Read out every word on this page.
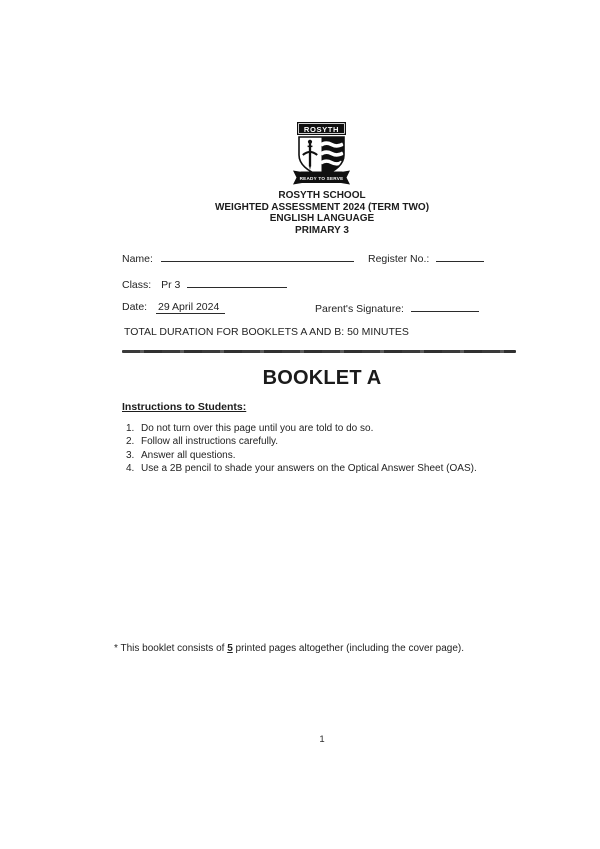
ROSYTH
READY TO SERVE
ROSYTH SCHOOL
WEIGHTED ASSESSMENT 2024 (TERM TWO)
ENGLISH LANGUAGE
PRIMARY 3
Name:	Register No.:
Class: Pr 3
Date: 29 April 2024	Parent's Signature:
TOTAL DURATION FOR BOOKLETS A AND B: 50 MINUTES
BOOKLET A
Instructions to Students:
1. Do not turn over this page until you are told to do so.
2. Follow all instructions carefully.
3. Answer all questions.
4. Use a 2B pencil to shade your answers on the Optical Answer Sheet (OAS).
* This booklet consists of 5 printed pages altogether (including the cover page).
1
